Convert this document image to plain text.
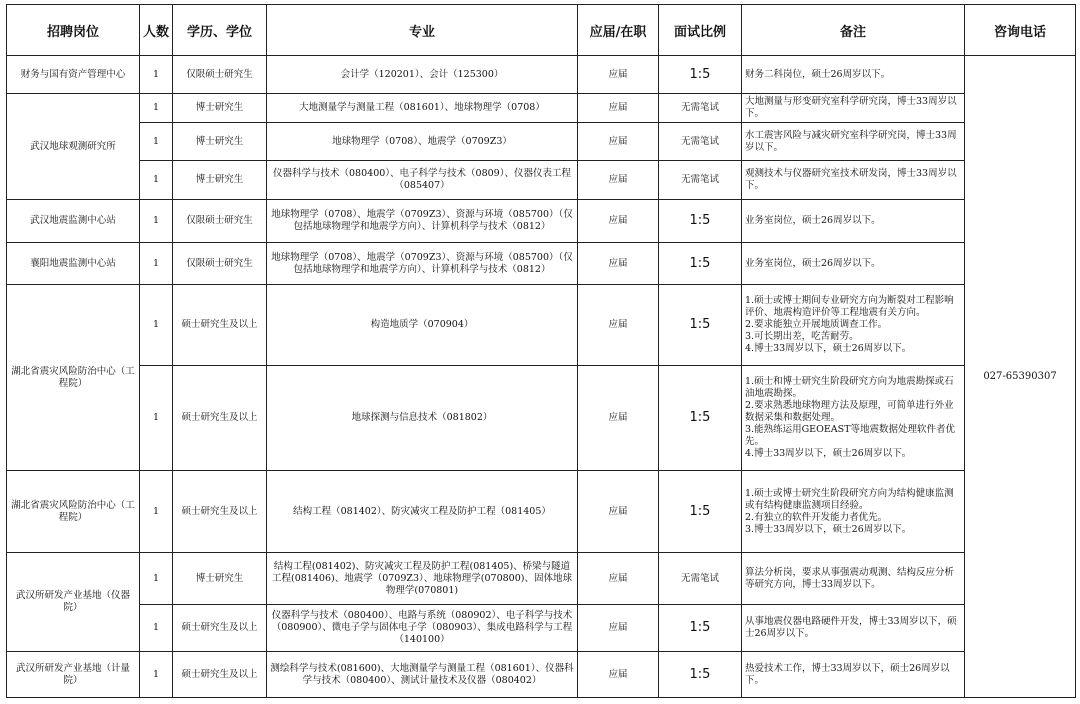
招聘岗位	人数	学历、学位	专业	应届/在职	面试比例	备注	咨询电话
财务与国有资产管理中心	1	仅限硕士研究生	会计学（120201）、会计（125300）	应届	1:5	财务二科岗位，硕士26周岁以下。	027-65390307
武汉地球观测研究所	1	博士研究生	大地测量学与测量工程（081601）、地球物理学（0708）	应届	无需笔试	大地测量与形变研究室科学研究岗，博士33周岁以下。	
	1	博士研究生	地球物理学（0708）、地震学（0709Z3）	应届	无需笔试	水工震害风险与减灾研究室科学研究岗，博士33周岁以下。	
	1	博士研究生	仪器科学与技术（080400）、电子科学与技术（0809）、仪器仪表工程　（085407）	应届	无需笔试	观测技术与仪器研究室技术研发岗，博士33周岁以下。	
武汉地震监测中心站	1	仅限硕士研究生	地球物理学（0708）、地震学（0709Z3）、资源与环境（085700）（仅包括地球物理学和地震学方向）、计算机科学与技术（0812）	应届	1:5	业务室岗位，硕士26周岁以下。	
襄阳地震监测中心站	1	仅限硕士研究生	地球物理学（0708）、地震学（0709Z3）、资源与环境（085700）（仅包括地球物理学和地震学方向）、计算机科学与技术（0812）	应届	1:5	业务室岗位，硕士26周岁以下。	
湖北省震灾风险防治中心（工程院）	1	硕士研究生及以上	构造地质学（070904）	应届	1:5	1.硕士或博士期间专业研究方向为断裂对工程影响评价、地震构造评价等工程地震有关方向。
2.要求能独立开展地质调查工作。
3.可长期出差，吃苦耐劳。
4.博士33周岁以下，硕士26周岁以下。	
	1	硕士研究生及以上	地球探测与信息技术（081802）	应届	1:5	1.硕士和博士研究生阶段研究方向为地震勘探或石油地震勘探。
2.要求熟悉地球物理方法及原理，可简单进行外业数据采集和数据处理。
3.能熟练运用GEOEAST等地震数据处理软件者优先。
4.博士33周岁以下，硕士26周岁以下。	
湖北省震灾风险防治中心（工程院）	1	硕士研究生及以上	结构工程（081402）、防灾减灾工程及防护工程（081405）	应届	1:5	1.硕士或博士研究生阶段研究方向为结构健康监测或有结构健康监测项目经验。
2.有独立的软件开发能力者优先。
3.博士33周岁以下，硕士26周岁以下。	
武汉所研发产业基地（仪器院）	1	博士研究生	结构工程(081402)、防灾减灾工程及防护工程(081405)、桥梁与隧道工程(081406)、地震学（0709Z3）、地球物理学(070800)、固体地球物理学(070801)	应届	无需笔试	算法分析岗，要求从事强震动观测、结构反应分析等研究方向，博士33周岁以下。	
	1	硕士研究生及以上	仪器科学与技术（080400）、电路与系统（080902）、电子科学与技术（080900）、微电子学与固体电子学（080903）、集成电路科学与工程（140100）	应届	1:5	从事地震仪器电路硬件开发，博士33周岁以下，硕士26周岁以下。	
武汉所研发产业基地（计量院）	1	硕士研究生及以上	测绘科学与技术(081600)、大地测量学与测量工程（081601）、仪器科学与技术（080400）、测试计量技术及仪器（080402）	应届	1:5	热爱技术工作，博士33周岁以下，硕士26周岁以下。	
